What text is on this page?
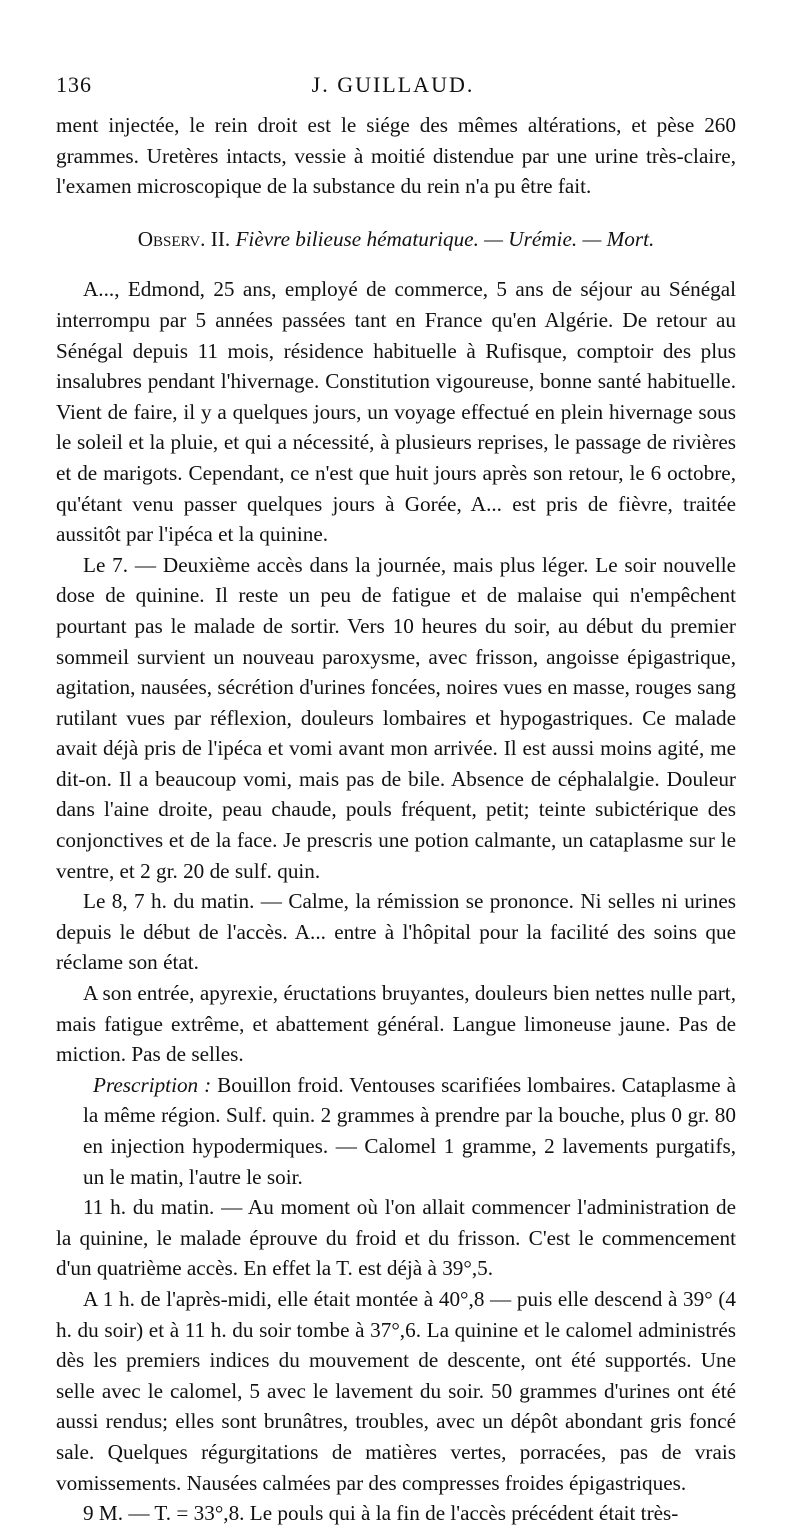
136	J. GUILLAUD.

ment injectée, le rein droit est le siége des mêmes altérations, et pèse 260 grammes. Uretères intacts, vessie à moitié distendue par une urine très-claire, l'examen microscopique de la substance du rein n'a pu être fait.

Observ. II. Fièvre bilieuse hématurique. — Urémie. — Mort.

A..., Edmond, 25 ans, employé de commerce, 5 ans de séjour au Sénégal interrompu par 5 années passées tant en France qu'en Algérie. De retour au Sénégal depuis 11 mois, résidence habituelle à Rufisque, comptoir des plus insalubres pendant l'hivernage. Constitution vigoureuse, bonne santé habituelle. Vient de faire, il y a quelques jours, un voyage effectué en plein hivernage sous le soleil et la pluie, et qui a nécessité, à plusieurs reprises, le passage de rivières et de marigots. Cependant, ce n'est que huit jours après son retour, le 6 octobre, qu'étant venu passer quelques jours à Gorée, A... est pris de fièvre, traitée aussitôt par l'ipéca et la quinine.

Le 7. — Deuxième accès dans la journée, mais plus léger. Le soir nouvelle dose de quinine. Il reste un peu de fatigue et de malaise qui n'empêchent pourtant pas le malade de sortir. Vers 10 heures du soir, au début du premier sommeil survient un nouveau paroxysme, avec frisson, angoisse épigastrique, agitation, nausées, sécrétion d'urines foncées, noires vues en masse, rouges sang rutilant vues par réflexion, douleurs lombaires et hypogastriques. Ce malade avait déjà pris de l'ipéca et vomi avant mon arrivée. Il est aussi moins agité, me dit-on. Il a beaucoup vomi, mais pas de bile. Absence de céphalalgie. Douleur dans l'aine droite, peau chaude, pouls fréquent, petit; teinte subictérique des conjonctives et de la face. Je prescris une potion calmante, un cataplasme sur le ventre, et 2 gr. 20 de sulf. quin.

Le 8, 7 h. du matin. — Calme, la rémission se prononce. Ni selles ni urines depuis le début de l'accès. A... entre à l'hôpital pour la facilité des soins que réclame son état.

A son entrée, apyrexie, éructations bruyantes, douleurs bien nettes nulle part, mais fatigue extrême, et abattement général. Langue limoneuse jaune. Pas de miction. Pas de selles.

Prescription : Bouillon froid. Ventouses scarifiées lombaires. Cataplasme à la même région. Sulf. quin. 2 grammes à prendre par la bouche, plus 0 gr. 80 en injection hypodermiques. — Calomel 1 gramme, 2 lavements purgatifs, un le matin, l'autre le soir.

11 h. du matin. — Au moment où l'on allait commencer l'administration de la quinine, le malade éprouve du froid et du frisson. C'est le commencement d'un quatrième accès. En effet la T. est déjà à 39°,5.

A 1 h. de l'après-midi, elle était montée à 40°,8 — puis elle descend à 39° (4 h. du soir) et à 11 h. du soir tombe à 37°,6. La quinine et le calomel administrés dès les premiers indices du mouvement de descente, ont été supportés. Une selle avec le calomel, 5 avec le lavement du soir. 50 grammes d'urines ont été aussi rendus; elles sont brunâtres, troubles, avec un dépôt abondant gris foncé sale. Quelques régurgitations de matières vertes, porracées, pas de vrais vomissements. Nausées calmées par des compresses froides épigastriques.

9 M. — T. = 33°,8. Le pouls qui à la fin de l'accès précédent était très-
